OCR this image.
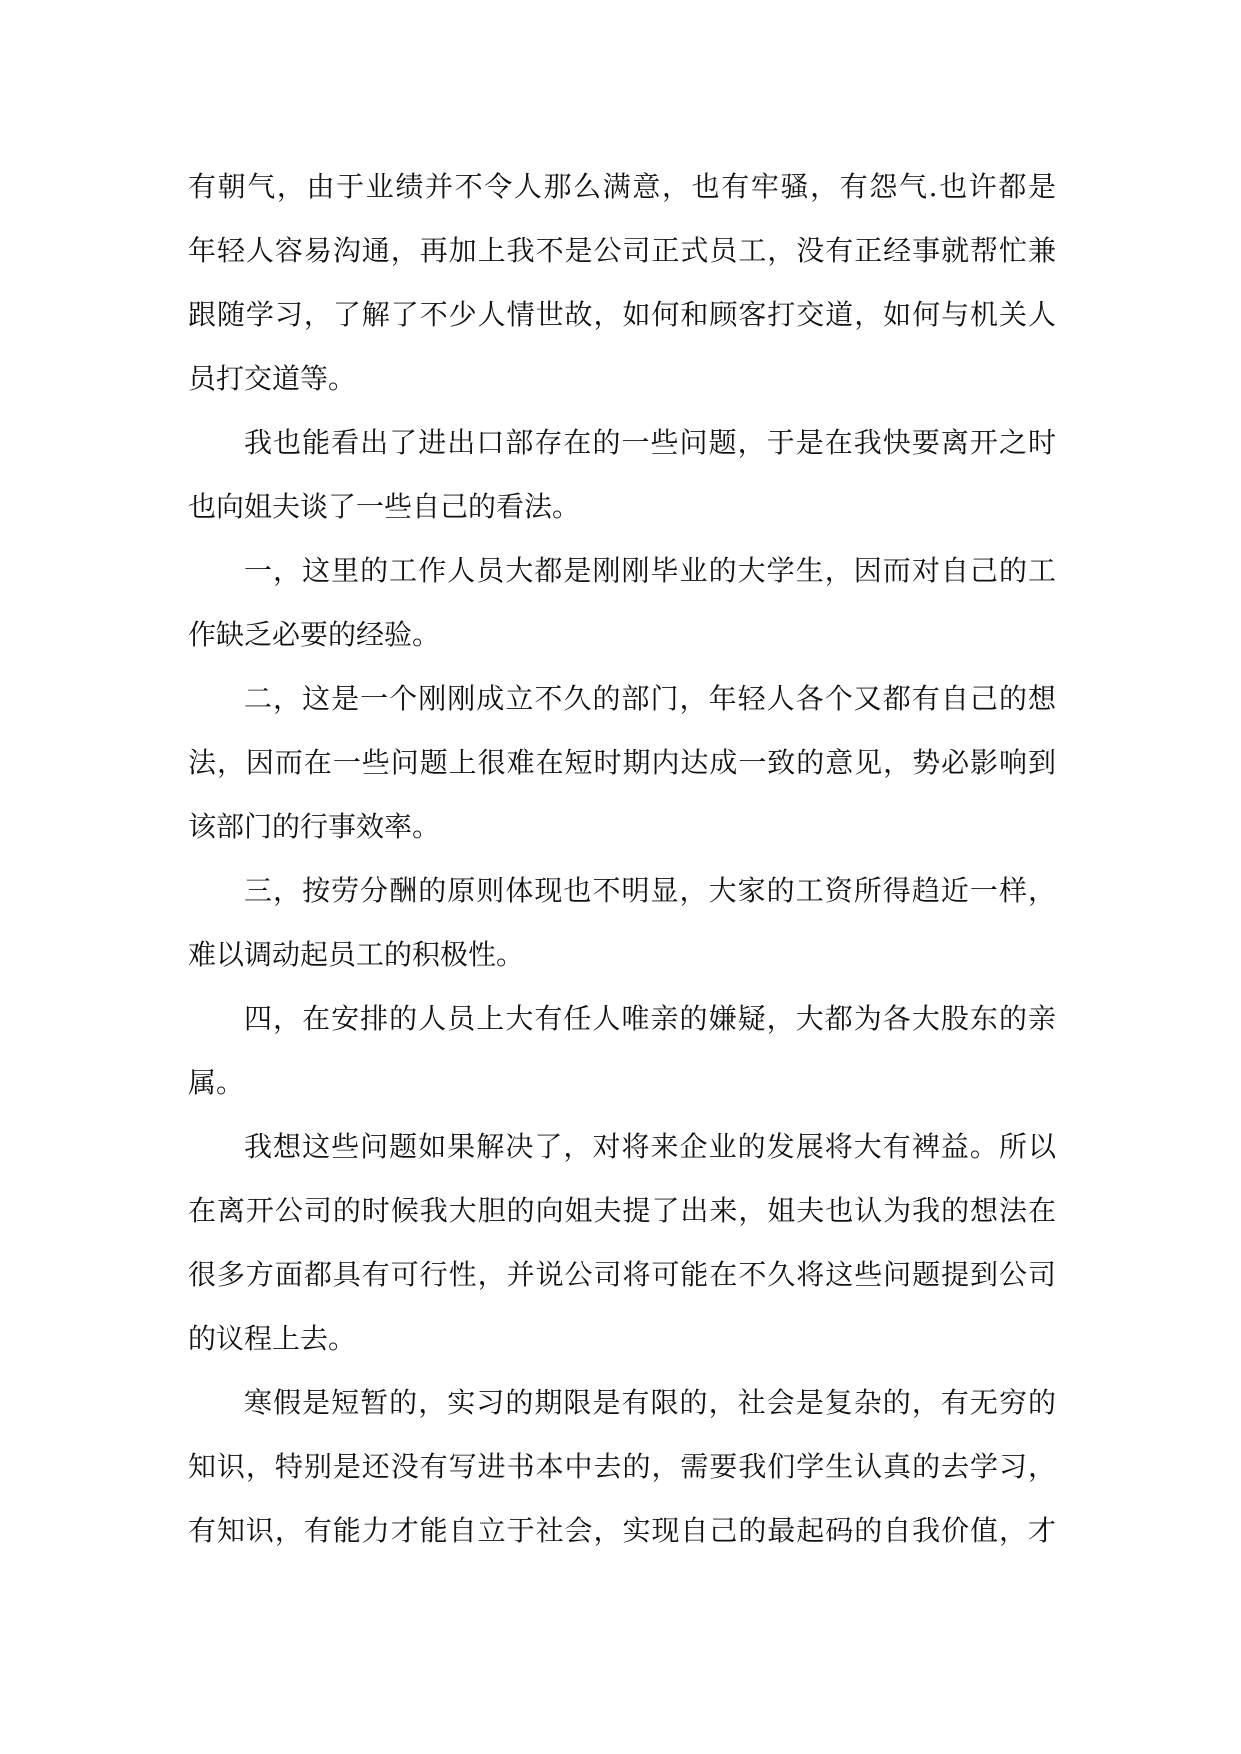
有朝气，由于业绩并不令人那么满意，也有牢骚，有怨气.也许都是
年轻人容易沟通，再加上我不是公司正式员工，没有正经事就帮忙兼
跟随学习，了解了不少人情世故，如何和顾客打交道，如何与机关人
员打交道等。
我也能看出了进出口部存在的一些问题，于是在我快要离开之时
也向姐夫谈了一些自己的看法。
一，这里的工作人员大都是刚刚毕业的大学生，因而对自己的工
作缺乏必要的经验。
二，这是一个刚刚成立不久的部门，年轻人各个又都有自己的想
法，因而在一些问题上很难在短时期内达成一致的意见，势必影响到
该部门的行事效率。
三，按劳分酬的原则体现也不明显，大家的工资所得趋近一样，
难以调动起员工的积极性。
四，在安排的人员上大有任人唯亲的嫌疑，大都为各大股东的亲
属。
我想这些问题如果解决了，对将来企业的发展将大有裨益。所以
在离开公司的时候我大胆的向姐夫提了出来，姐夫也认为我的想法在
很多方面都具有可行性，并说公司将可能在不久将这些问题提到公司
的议程上去。
寒假是短暂的，实习的期限是有限的，社会是复杂的，有无穷的
知识，特别是还没有写进书本中去的，需要我们学生认真的去学习，
有知识，有能力才能自立于社会，实现自己的最起码的自我价值，才
